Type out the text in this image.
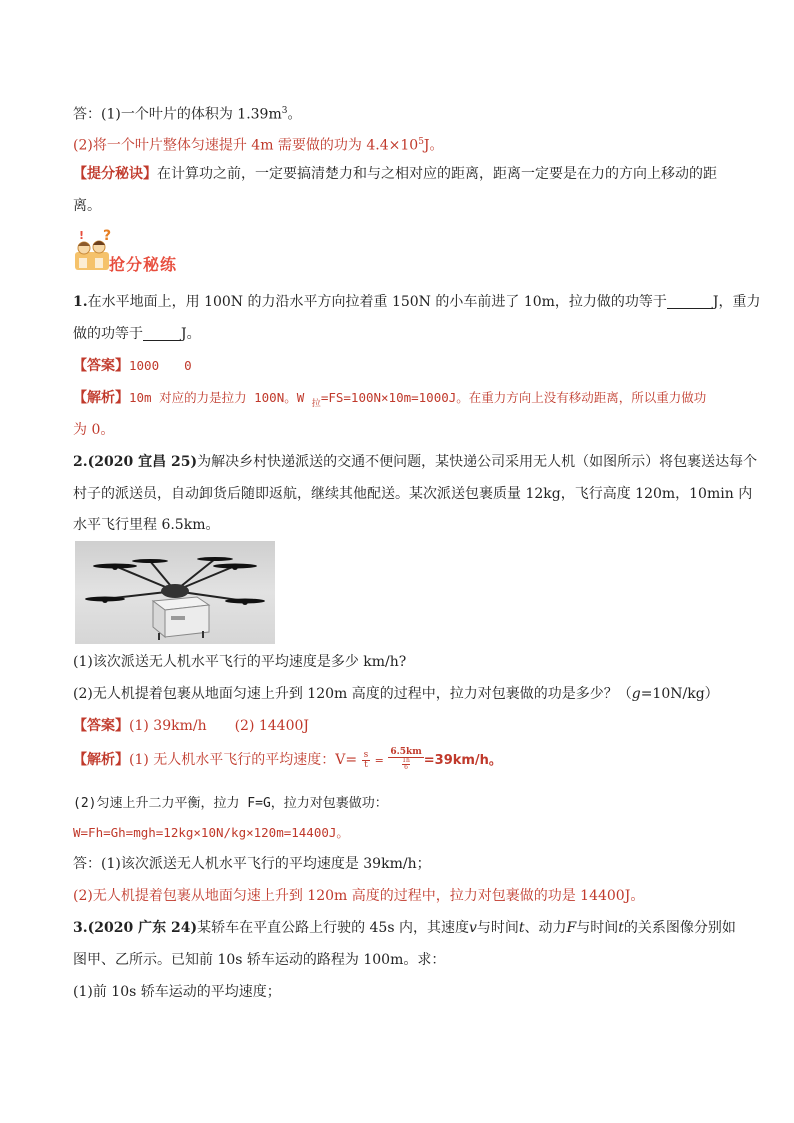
答：(1)一个叶片的体积为 $1.39m^3$。
(2)将一个叶片整体匀速提升 4m 需要做的功为 $4.4\times 10^5J$。
【提分秘诀】在计算功之前，一定要搞清楚力和与之相对应的距离，距离一定要是在力的方向上移动的距
离。
! ?
抢分秘练
1.在水平地面上，用 100N 的力沿水平方向拉着重 150N 的小车前进了 10m，拉力做的功等于	J，重力
做的功等于	J。
【答案】1000　　0
【解析】10m 对应的力是拉力 100N。W $_拉$=FS=100N×10m=1000J。在重力方向上没有移动距离，所以重力做功
为 0。
2.(2020 宜昌 25)为解决乡村快递派送的交通不便问题，某快递公司采用无人机（如图所示）将包裹送达每个
村子的派送员，自动卸货后随即返航，继续其他配送。某次派送包裹质量 12kg，飞行高度 120m，10min 内
水平飞行里程 6.5km。
(1)该次派送无人机水平飞行的平均速度是多少 km/h?
(2)无人机提着包裹从地面匀速上升到 120m 高度的过程中，拉力对包裹做的功是多少？（g=10N/kg）
【答案】(1) 39km/h　　(2) 14400J
【解析】(1) 无人机水平飞行的平均速度：$V= \frac{s}{t} = \frac{6.5km}{\frac{1h}{6}} =39km/h$。
(2)匀速上升二力平衡，拉力 F=G，拉力对包裹做功：
W=Fh=Gh=mgh=12kg×10N/kg×120m=14400J。
答：(1)该次派送无人机水平飞行的平均速度是 39km/h；
(2)无人机提着包裹从地面匀速上升到 120m 高度的过程中，拉力对包裹做的功是 14400J。
3.(2020 广东 24)某轿车在平直公路上行驶的 45s 内，其速度v与时间t、动力F与时间t的关系图像分别如
图甲、乙所示。已知前 10s 轿车运动的路程为 100m。求：
(1)前 10s 轿车运动的平均速度；
